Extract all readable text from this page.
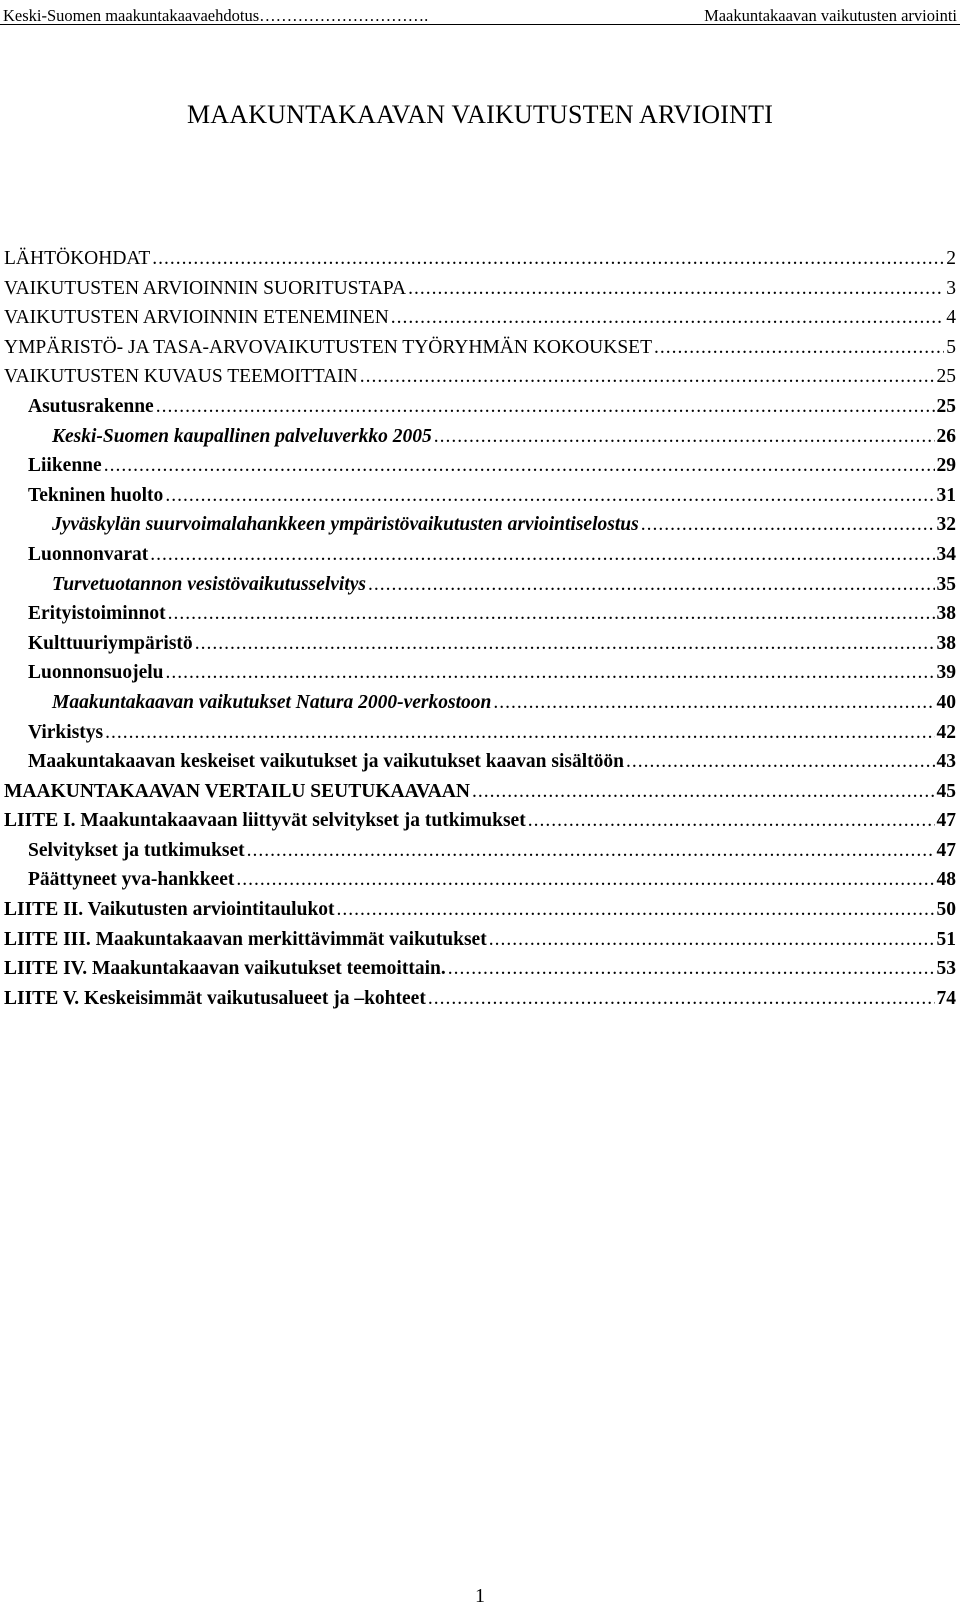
Keski-Suomen maakuntakaavaehdotus………………………….	Maakuntakaavan vaikutusten arviointi
MAAKUNTAKAAVAN VAIKUTUSTEN ARVIOINTI
LÄHTÖKOHDAT .....	2
VAIKUTUSTEN ARVIOINNIN SUORITUSTAPA .....	3
VAIKUTUSTEN ARVIOINNIN ETENEMINEN .....	4
YMPÄRISTÖ- JA TASA-ARVOVAIKUTUSTEN TYÖRYHMÄN KOKOUKSET .....	5
VAIKUTUSTEN KUVAUS TEEMOITTAIN .....	25
Asutusrakenne .....	25
Keski-Suomen kaupallinen palveluverkko 2005 .....	26
Liikenne .....	29
Tekninen huolto .....	31
Jyväskylän suurvoimalahankkeen ympäristövaikutusten arviointiselostus .....	32
Luonnonvarat .....	34
Turvetuotannon vesistövaikutusselvitys .....	35
Erityistoiminnot .....	38
Kulttuuriympäristö .....	38
Luonnonsuojelu .....	39
Maakuntakaavan vaikutukset Natura 2000-verkostoon .....	40
Virkistys .....	42
Maakuntakaavan keskeiset vaikutukset ja vaikutukset kaavan sisältöön .....	43
MAAKUNTAKAAVAN VERTAILU SEUTUKAAVAAN .....	45
LIITE I. Maakuntakaavaan liittyvät selvitykset ja tutkimukset .....	47
Selvitykset ja tutkimukset .....	47
Päättyneet yva-hankkeet .....	48
LIITE II. Vaikutusten arviointitaulukot .....	50
LIITE III. Maakuntakaavan merkittävimmät vaikutukset .....	51
LIITE IV. Maakuntakaavan vaikutukset teemoittain. .....	53
LIITE V. Keskeisimmät vaikutusalueet ja –kohteet .....	74
1
